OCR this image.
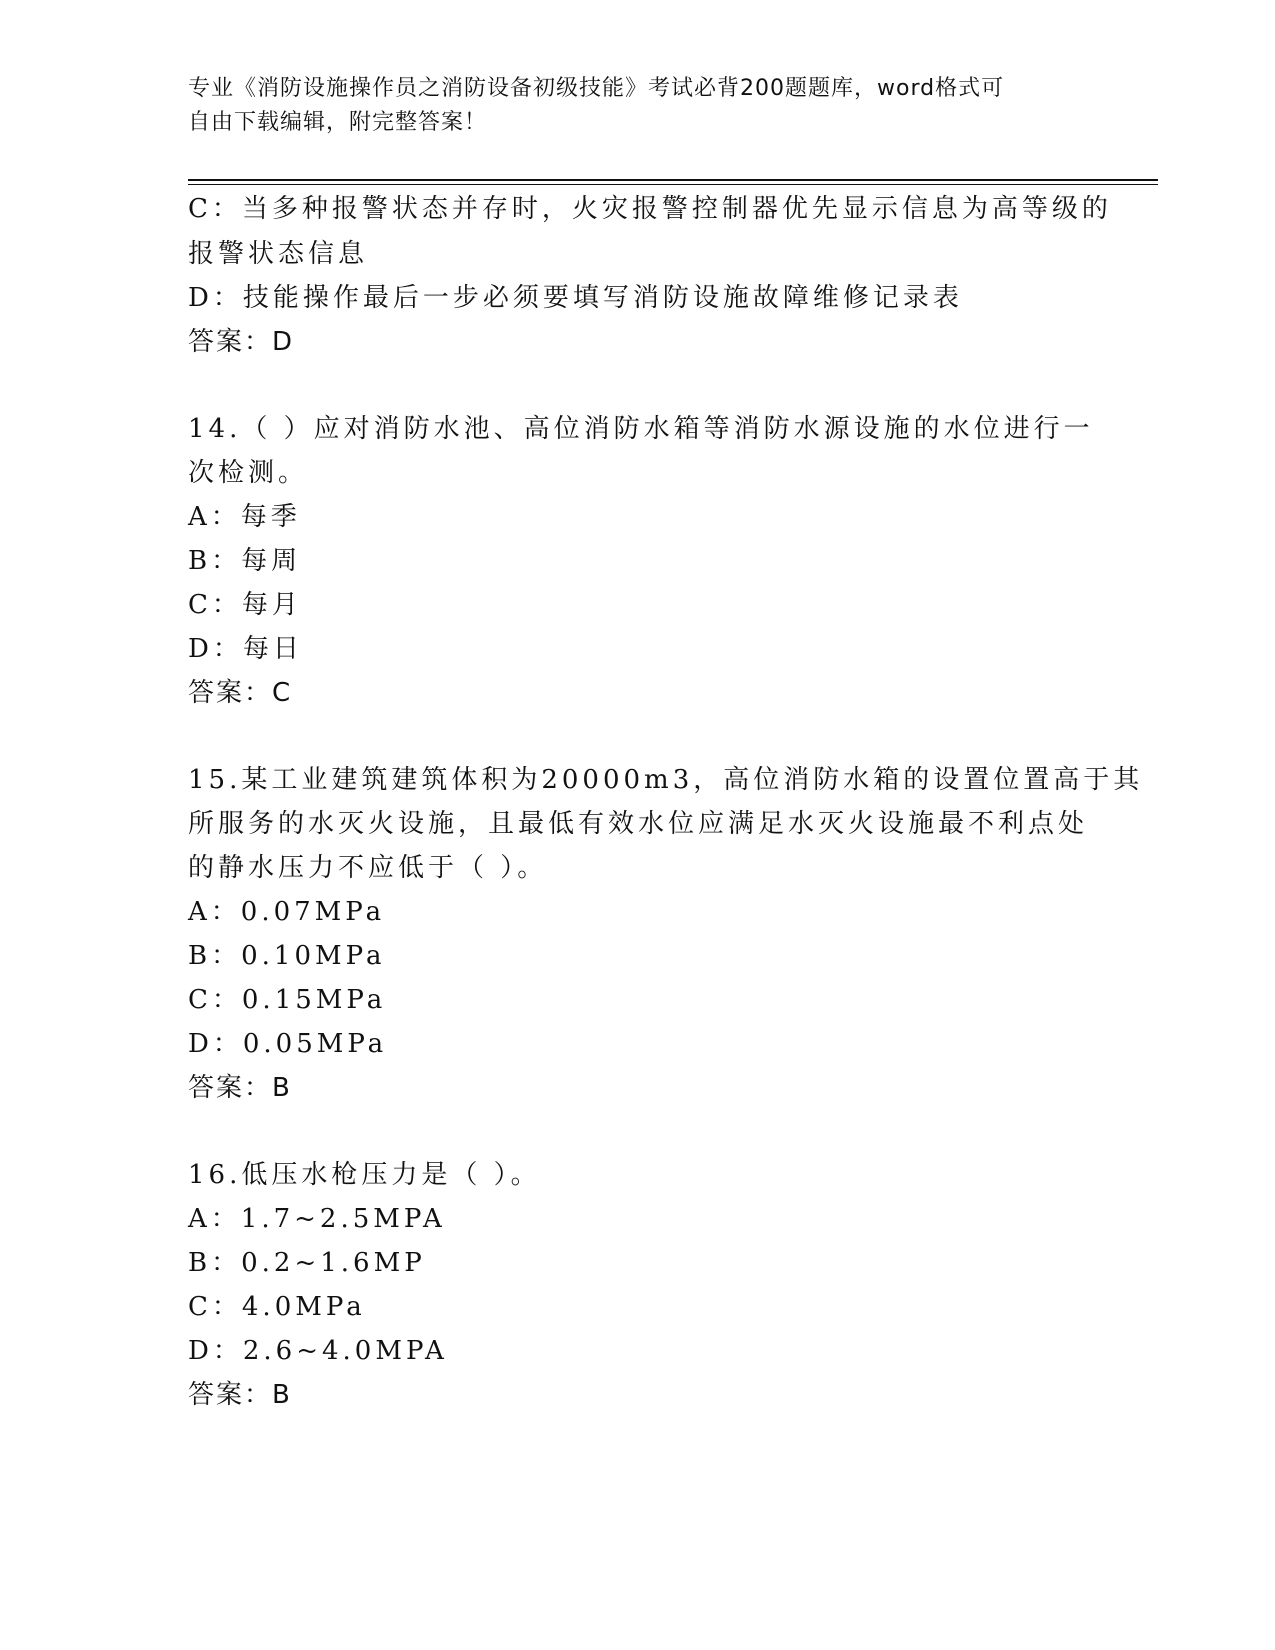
专业《消防设施操作员之消防设备初级技能》考试必背200题题库，word格式可
自由下载编辑，附完整答案！
C：当多种报警状态并存时，火灾报警控制器优先显示信息为高等级的
报警状态信息
D：技能操作最后一步必须要填写消防设施故障维修记录表
答案：D
14.（ ）应对消防水池、高位消防水箱等消防水源设施的水位进行一
次检测。
A：每季
B：每周
C：每月
D：每日
答案：C
15.某工业建筑建筑体积为20000m3，高位消防水箱的设置位置高于其
所服务的水灭火设施，且最低有效水位应满足水灭火设施最不利点处
的静水压力不应低于（ ）。
A：0.07MPa
B：0.10MPa
C：0.15MPa
D：0.05MPa
答案：B
16.低压水枪压力是（ ）。
A：1.7~2.5MPA
B：0.2~1.6MP
C：4.0MPa
D：2.6~4.0MPA
答案：B
